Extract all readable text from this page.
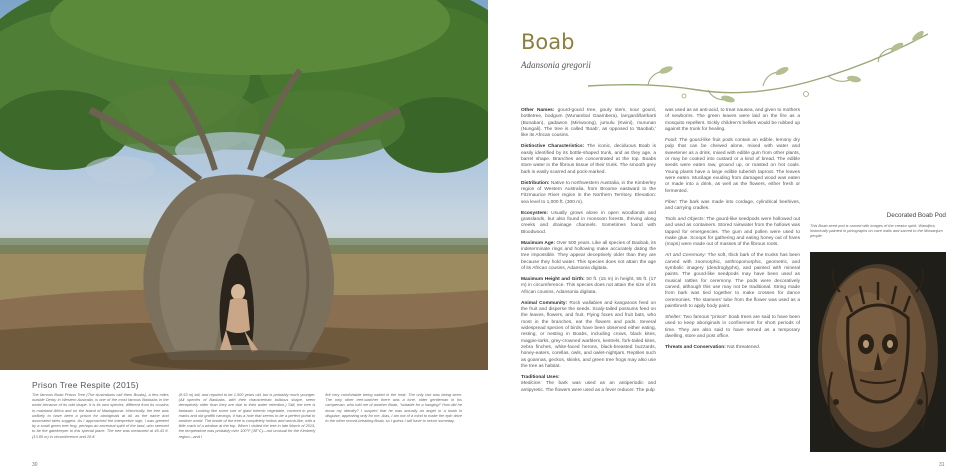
Prison Tree Respite (2015)

The famous Boab Prison Tree (The Australians call them Boabs), a few miles outside Derby in Western Australia, is one of the most famous Baobabs in the world because of its odd shape. It is its own species, different from its cousins in mainland Africa and on the island of Madagascar. Historically, the tree was unlikely to have been a prison for aboriginals at all, as the name and associated tales suggest. As I approached the interpretive sign, I was greeted by a small green tree frog, perhaps an ancestral spirit of the land, who seemed to be the gatekeeper to this special place. The tree was measured at 45.43 ft. (13.85 m) in circumference and 28 ft.

(8.53 m) tall, and reputed to be 1,500 years old, but is probably much younger. (All species of Baobabs, with their characteristic bulbous shape, seem deceptively older than they are due to their water retention.) Still, the tree is fantastic. Looking like some sort of giant totemic vegetable, covered in pock marks and old graffiti carvings, it has a hole that seems to be a perfect portal to another world. The inside of the tree is completely hollow and womb-like, with a little crack of a window at the top. When I visited the tree in late March of 2015, the temperature was probably over 100°F (38°C)—not unusual for the Kimberly region—and I

felt very comfortable being naked in the heat. The only risk was being seen. The only other tree-watcher there was a lone, older gentleman in his campervan, who told me of another Boab, "suitable for a hanging!" How did he know my identity? I suspect that he was actually an angel or a boab in disguise, appearing only for me. Alas, I am not of a mind to make the epic drive to the other record-breaking Boab, so I guess I will have to return someday.

30
Boab
Adansonia gregorii

Other Names: gourd-gourd tree, gouty stem, sour gourd, bottletree, bodgum (Wunambal Gaambera), larrgardi/larrkarti (Bunaban), gadawon (Miriwoong), jumulu (Kwini), murunan (Nungali). The tree is called 'Boab', as opposed to 'Baobab,' like its African cousins.

Distinctive Characteristics: The iconic, deciduous Boab is easily identified by its bottle-shaped trunk, and as they age, a barrel shape. Branches are concentrated at the top. Boabs store water in the fibrous tissue of their trunk. The smooth grey bark is easily scarred and pock-marked.

Distribution: Native to northwestern Australia, in the Kimberley region of Western Australia, from Broome eastward to the Fitzmaurice River region in the Northern Territory. Elevation: sea level to 1,000 ft. (300 m).

Ecosystem: Usually grows alone in open woodlands and grasslands, but also found in monsoon forests, thriving along creeks and drainage channels. Sometimes found with Bloodwood.

Maximum Age: Over 500 years. Like all species of Baobab, its indeterminate rings and hollowing make accurately dating the tree impossible. They appear deceptively older than they are because they hold water. This species does not attain the age of its African cousins, Adansonia digitata.

Maximum Height and Girth: 50 ft. (15 m) in height, 55 ft. (17 m) in circumference. This species does not attain the size of its African cousins, Adansonia digitata.

Animal Community: Rock wallabies and kangaroos feed on the fruit and disperse the seeds. Scaly-tailed possums feed on the leaves, flowers, and fruit. Flying foxes and fruit bats, who roost in the branches, eat the flowers and pods. Several widespread species of birds have been observed either eating, resting, or nesting in Boabs, including crows, black kites, magpie-larks, grey-crowned warblers, kestrels, fork-tailed kites, zebra finches, white-faced herons, black-breasted buzzards, honey-eaters, corellas, owls, and owlet-nightjars. Reptiles such as goannas, geckos, skinks, and green tree frogs may also use the tree as habitat.

Traditional Uses:

Medicine: The bark was used as an antiperiodic and antipyretic. The flowers were used as a fever reducer. The pulp

was used as an anti-acid, to treat nausea, and given to mothers of newborns. The green leaves were laid on the fire as a mosquito repellent. Sickly children's bellies would be rubbed up against the trunk for healing.

Food: The gourd-like fruit pods contain an edible, lemony dry pulp that can be chewed alone, mixed with water and sweetener as a drink, mixed with edible gum from other plants, or may be cooked into custard or a kind of bread. The edible seeds were eaten raw, ground up, or roasted on hot coals. Young plants have a large edible tuberish taproot. The leaves were eaten. Mucilage exuding from damaged wood was eaten or made into a drink, as well as the flowers, either fresh or fermented.

Fiber: The bark was made into cordage, cylindrical beehives, and carrying cradles.

Tools and Objects: The gourd-like seedpods were hollowed out and used as containers. Stored rainwater from the hollows was tapped for emergencies. The gum and pollen were used to make glue. Scoops for gathering and eating honey out of hives (mops) were made out of masses of the fibrous roots.

Art and Ceremony: The soft, thick bark of the trunks has been carved with zoomorphic, anthropomorphic, geometric, and symbolic imagery (dendroglyphs), and painted with mineral paints. The gourd-like seedpods may have been used as musical rattles for ceremony. The pods were decoratively carved, although this use may not be traditional. String made from bark was tied together to make crosses for dance ceremonies. The stamens' tube from the flower was used as a paintbrush to apply body paint.

Shelter: Two famous "prison" boab trees are said to have been used to keep aboriginals in confinement for short periods of time. They are also said to have served as a temporary dwelling, store and post office.

Threats and Conservation: Not threatened.

Decorated Boab Pod
This Boab seed pod is carved with images of the creator spirit, Wandjina, historically painted in pictographs on cave walls and sacred to the Mowanjum people.
31
